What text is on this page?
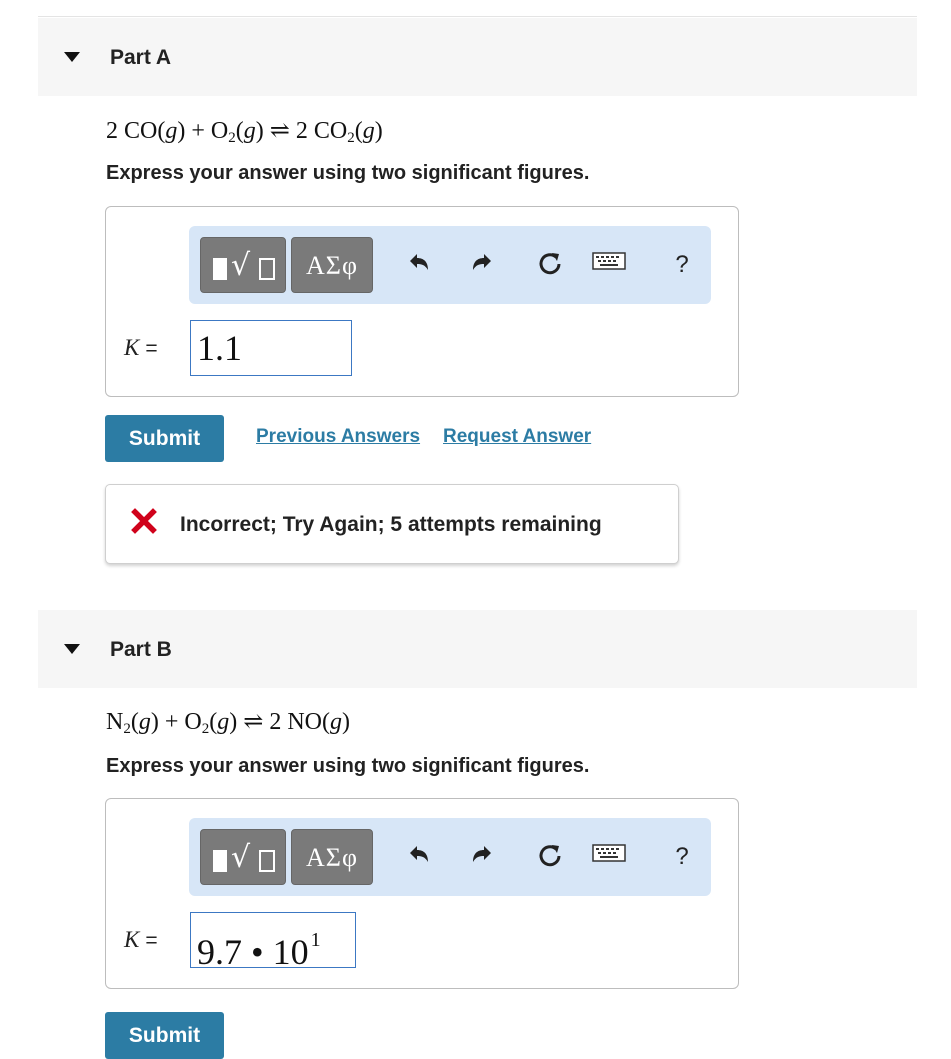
Part A
2 $CO(g) + O_2(g)$ ⇌ 2 $CO_2(g)$
Express your answer using two significant figures.
√	ΑΣφ	?
K = 1.1
Submit	Previous Answers Request Answer
Incorrect; Try Again; 5 attempts remaining
Part B
$N_2(g) + O_2(g)$ ⇌ 2 NO(g)
Express your answer using two significant figures.
√	ΑΣφ	?
K = 9.7 • 10 $^1$
Submit
